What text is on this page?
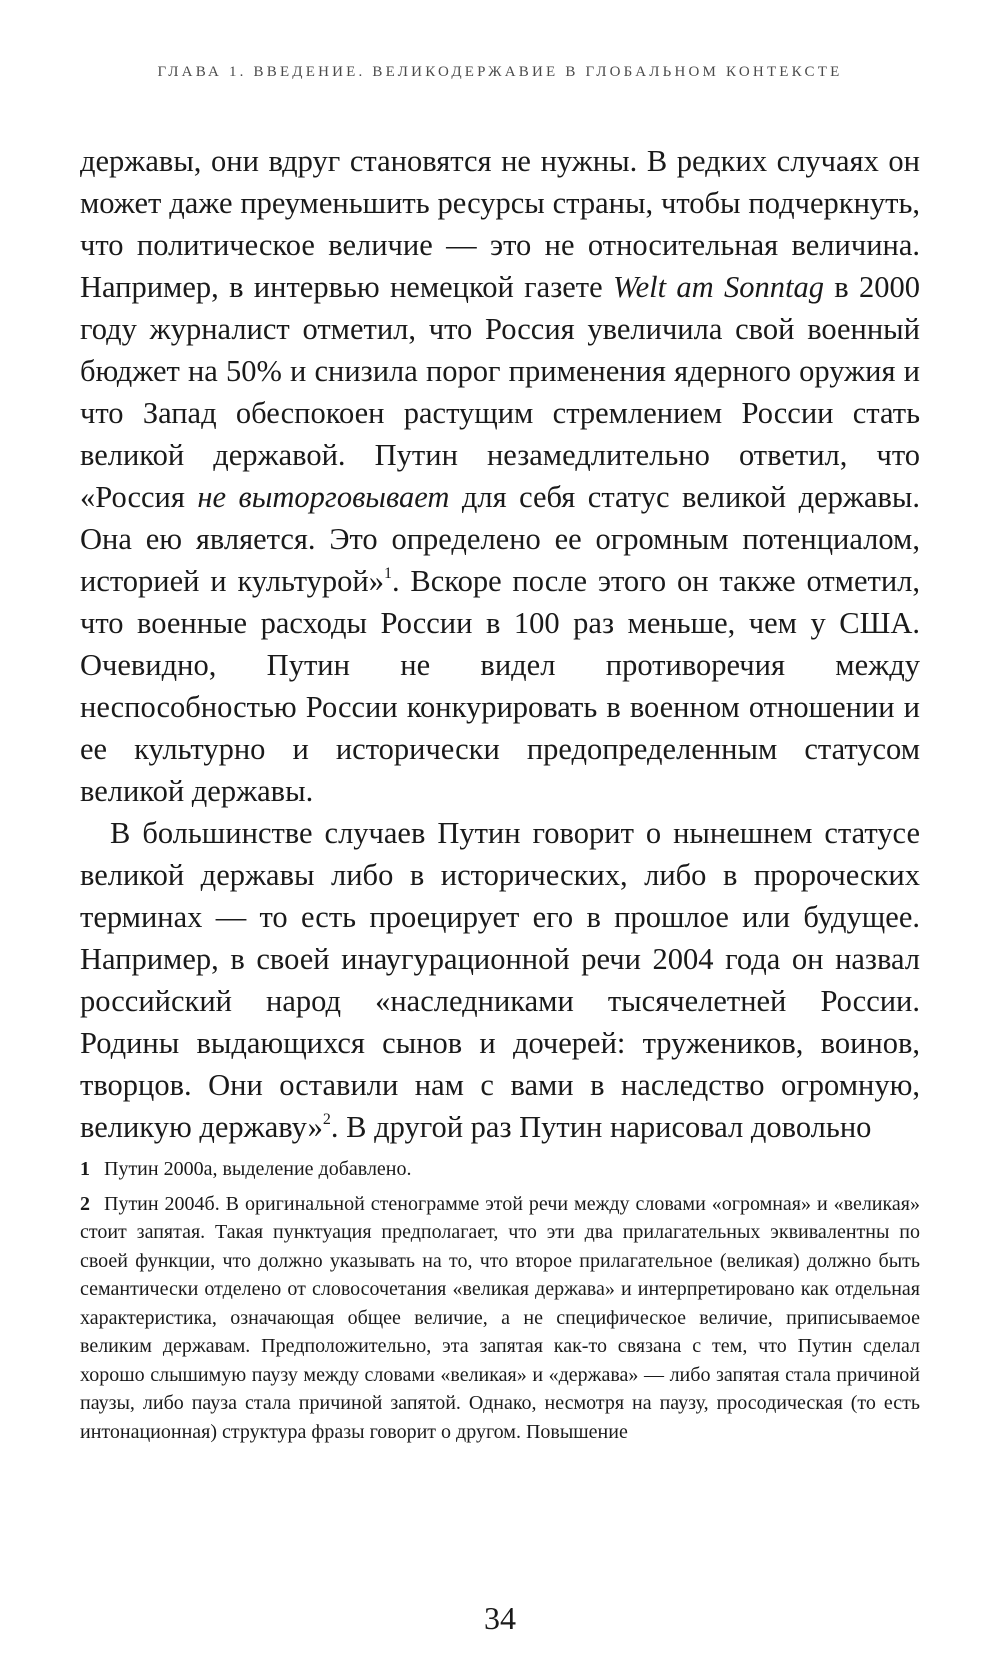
ГЛАВА 1. ВВЕДЕНИЕ. ВЕЛИКОДЕРЖАВИЕ В ГЛОБАЛЬНОМ КОНТЕКСТЕ

державы, они вдруг становятся не нужны. В редких случаях он может даже преуменьшить ресурсы страны, чтобы подчеркнуть, что политическое величие — это не относительная величина. Например, в интервью немецкой газете Welt am Sonntag в 2000 году журналист отметил, что Россия увеличила свой военный бюджет на 50% и снизила порог применения ядерного оружия и что Запад обеспокоен растущим стремлением России стать великой державой. Путин незамедлительно ответил, что «Россия не выторговывает для себя статус великой державы. Она ею является. Это определено ее огромным потенциалом, историей и культурой»$^1$. Вскоре после этого он также отметил, что военные расходы России в 100 раз меньше, чем у США. Очевидно, Путин не видел противоречия между неспособностью России конкурировать в военном отношении и ее культурно и исторически предопределенным статусом великой державы.

В большинстве случаев Путин говорит о нынешнем статусе великой державы либо в исторических, либо в пророческих терминах — то есть проецирует его в прошлое или будущее. Например, в своей инаугурационной речи 2004 года он назвал российский народ «наследниками тысячелетней России. Родины выдающихся сынов и дочерей: тружеников, воинов, творцов. Они оставили нам с вами в наследство огромную, великую державу»$^2$. В другой раз Путин нарисовал довольно

1 Путин 2000а, выделение добавлено.

2 Путин 2004б. В оригинальной стенограмме этой речи между словами «огромная» и «великая» стоит запятая. Такая пунктуация предполагает, что эти два прилагательных эквивалентны по своей функции, что должно указывать на то, что второе прилагательное (великая) должно быть семантически отделено от словосочетания «великая держава» и интерпретировано как отдельная характеристика, означающая общее величие, а не специфическое величие, приписываемое великим державам. Предположительно, эта запятая как-то связана с тем, что Путин сделал хорошо слышимую паузу между словами «великая» и «держава» — либо запятая стала причиной паузы, либо пауза стала причиной запятой. Однако, несмотря на паузу, просодическая (то есть интонационная) структура фразы говорит о другом. Повышение

34
